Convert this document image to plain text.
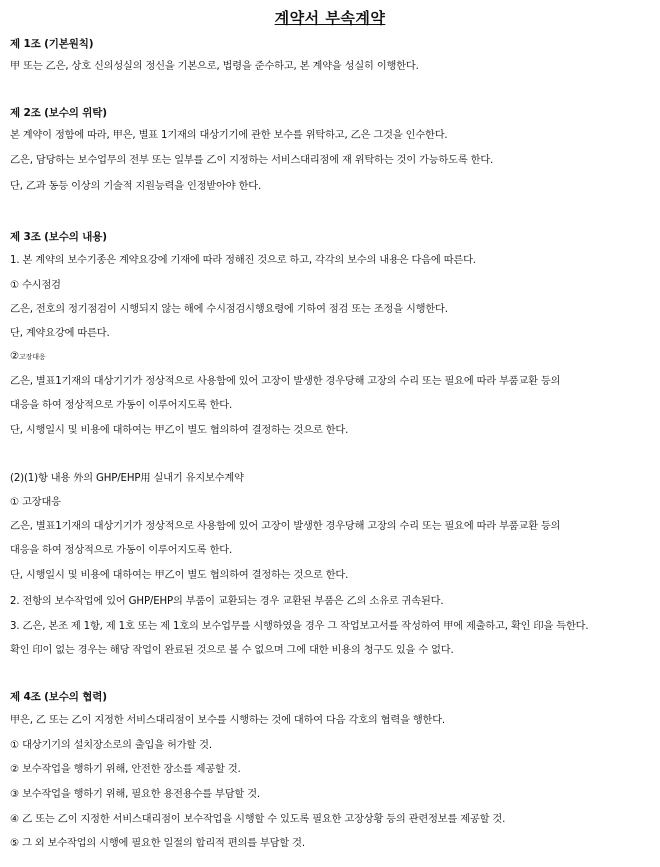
계약서 부속계약
제 1조 (기본원칙)
甲 또는 乙은, 상호 신의성실의 정신을 기본으로, 법령을 준수하고, 본 계약을 성실히 이행한다.
제 2조 (보수의 위탁)
본 계약이 정함에 따라, 甲은, 별표 1기재의 대상기기에 관한 보수를 위탁하고, 乙은 그것을 인수한다.
乙은, 담당하는 보수업무의 전부 또는 일부를 乙이 지정하는 서비스대리점에 재 위탁하는 것이 가능하도록 한다.
단, 乙과 동등 이상의 기술적 지원능력을 인정받아야 한다.
제 3조 (보수의 내용)
1. 본 계약의 보수기종은 계약요강에 기재에 따라 정해진 것으로 하고, 각각의 보수의 내용은 다음에 따른다.
① 수시점검
乙은, 전호의 정기점검이 시행되지 않는 해에 수시점검시행요령에 기하여 점검 또는 조정을 시행한다.
단, 계약요강에 따른다.
②고장대응
乙은, 별표1기재의 대상기기가 정상적으로 사용함에 있어 고장이 발생한 경우당해 고장의 수리 또는 필요에 따라 부품교환 등의
대응을 하여 정상적으로 가동이 이루어지도록 한다.
단, 시행일시 및 비용에 대하여는 甲乙이 별도 협의하여 결정하는 것으로 한다.
(2)(1)항 내용 外의 GHP/EHP用 실내기 유지보수계약
① 고장대응
乙은, 별표1기재의 대상기기가 정상적으로 사용함에 있어 고장이 발생한 경우당해 고장의 수리 또는 필요에 따라 부품교환 등의
대응을 하여 정상적으로 가동이 이루어지도록 한다.
단, 시행일시 및 비용에 대하여는 甲乙이 별도 협의하여 결정하는 것으로 한다.
2. 전항의 보수작업에 있어 GHP/EHP의 부품이 교환되는 경우 교환된 부품은 乙의 소유로 귀속된다.
3. 乙은, 본조 제 1항, 제 1호 또는 제 1호의 보수업무를 시행하였을 경우 그 작업보고서를 작성하여 甲에 제출하고, 확인 印을 득한다.
확인 印이 없는 경우는 해당 작업이 완료된 것으로 볼 수 없으며 그에 대한 비용의 청구도 있을 수 없다.
제 4조 (보수의 협력)
甲은, 乙 또는 乙이 지정한 서비스대리점이 보수를 시행하는 것에 대하여 다음 각호의 협력을 행한다.
① 대상기기의 설치장소로의 출입을 허가할 것.
② 보수작업을 행하기 위해, 안전한 장소를 제공할 것.
③ 보수작업을 행하기 위해, 필요한 용전용수를 부담할 것.
④ 乙 또는 乙이 지정한 서비스대리점이 보수작업을 시행할 수 있도록 필요한 고장상황 등의 관련정보를 제공할 것.
⑤ 그 외 보수작업의 시행에 필요한 일절의 합리적 편의를 부담할 것.
